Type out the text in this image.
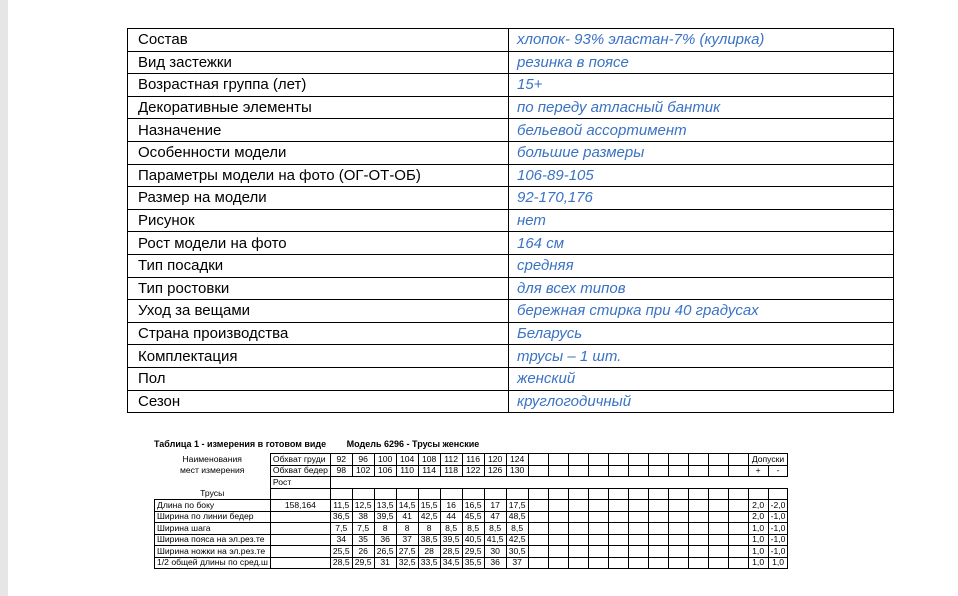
Состав	хлопок- 93% эластан-7% (кулирка)
Вид застежки	резинка в поясе
Возрастная группа (лет)	15+
Декоративные элементы	по переду атласный бантик
Назначение	бельевой ассортимент
Особенности модели	большие размеры
Параметры модели на фото (ОГ-ОТ-ОБ)	106-89-105
Размер на модели	92-170,176
Рисунок	нет
Рост модели на фото	164 см
Тип посадки	средняя
Тип ростовки	для всех типов
Уход за вещами	бережная стирка при 40 градусах
Страна производства	Беларусь
Комплектация	трусы – 1 шт.
Пол	женский
Сезон	круглогодичный
Таблица 1 - измерения в готовом виде Модель 6296 - Трусы женские
Наименования	Обхват груди	92	96	100	104	108	112	116	120	124												Допуски	
мест измерения	Обхват бедер	98	102	106	110	114	118	122	126	130												+	-
	Рост																						
Трусы																							
Длина по боку	158,164	11,5	12,5	13,5	14,5	15,5	16	16,5	17	17,5												2,0	-2,0
Ширина по линии бедер		36,5	38	39,5	41	42,5	44	45,5	47	48,5												2,0	-1,0
Ширина шага		7,5	7,5	8	8	8	8,5	8,5	8,5	8,5												1,0	-1,0
Ширина пояса на эл.рез.те		34	35	36	37	38,5	39,5	40,5	41,5	42,5												1,0	-1,0
Ширина ножки на эл.рез.те		25,5	26	26,5	27,5	28	28,5	29,5	30	30,5												1,0	-1,0
1/2 общей длины по сред.ш		28,5	29,5	31	32,5	33,5	34,5	35,5	36	37												1,0	1,0
